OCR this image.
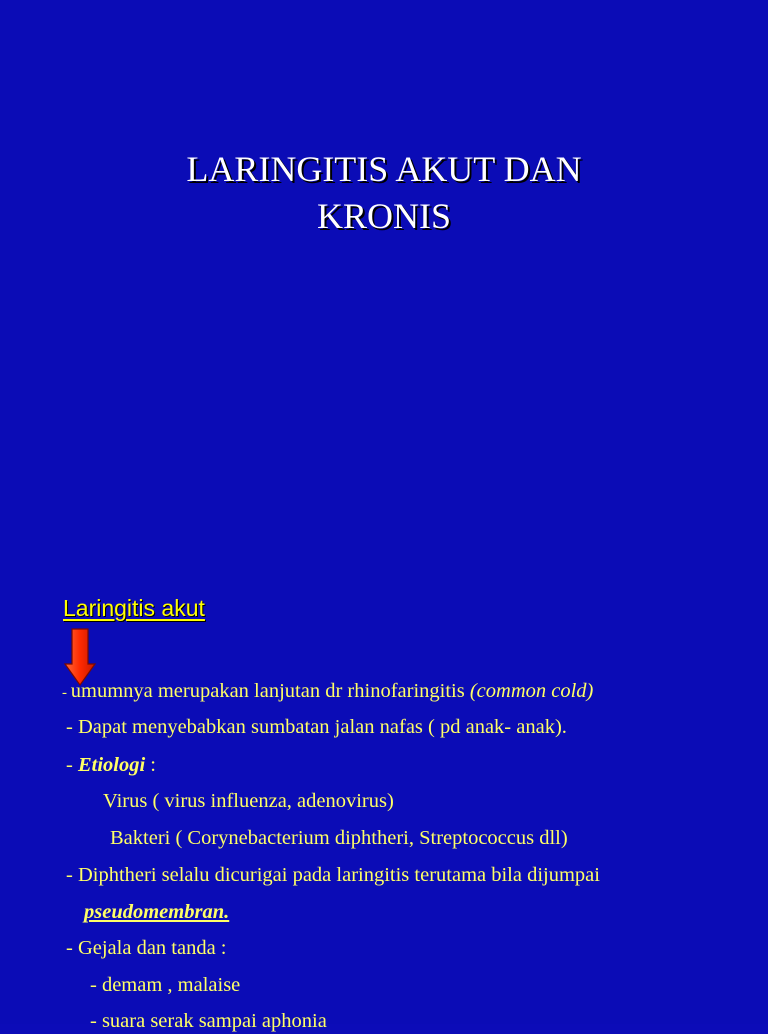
LARINGITIS AKUT DAN
KRONIS
Laringitis akut
- umumnya merupakan lanjutan dr rhinofaringitis (common cold)
- Dapat menyebabkan sumbatan jalan nafas ( pd anak- anak).
- Etiologi :
Virus ( virus influenza, adenovirus)
Bakteri ( Corynebacterium diphtheri, Streptococcus dll)
- Diphtheri selalu dicurigai pada laringitis terutama bila dijumpai
pseudomembran.
- Gejala dan tanda :
- demam , malaise
- suara serak sampai aphonia
